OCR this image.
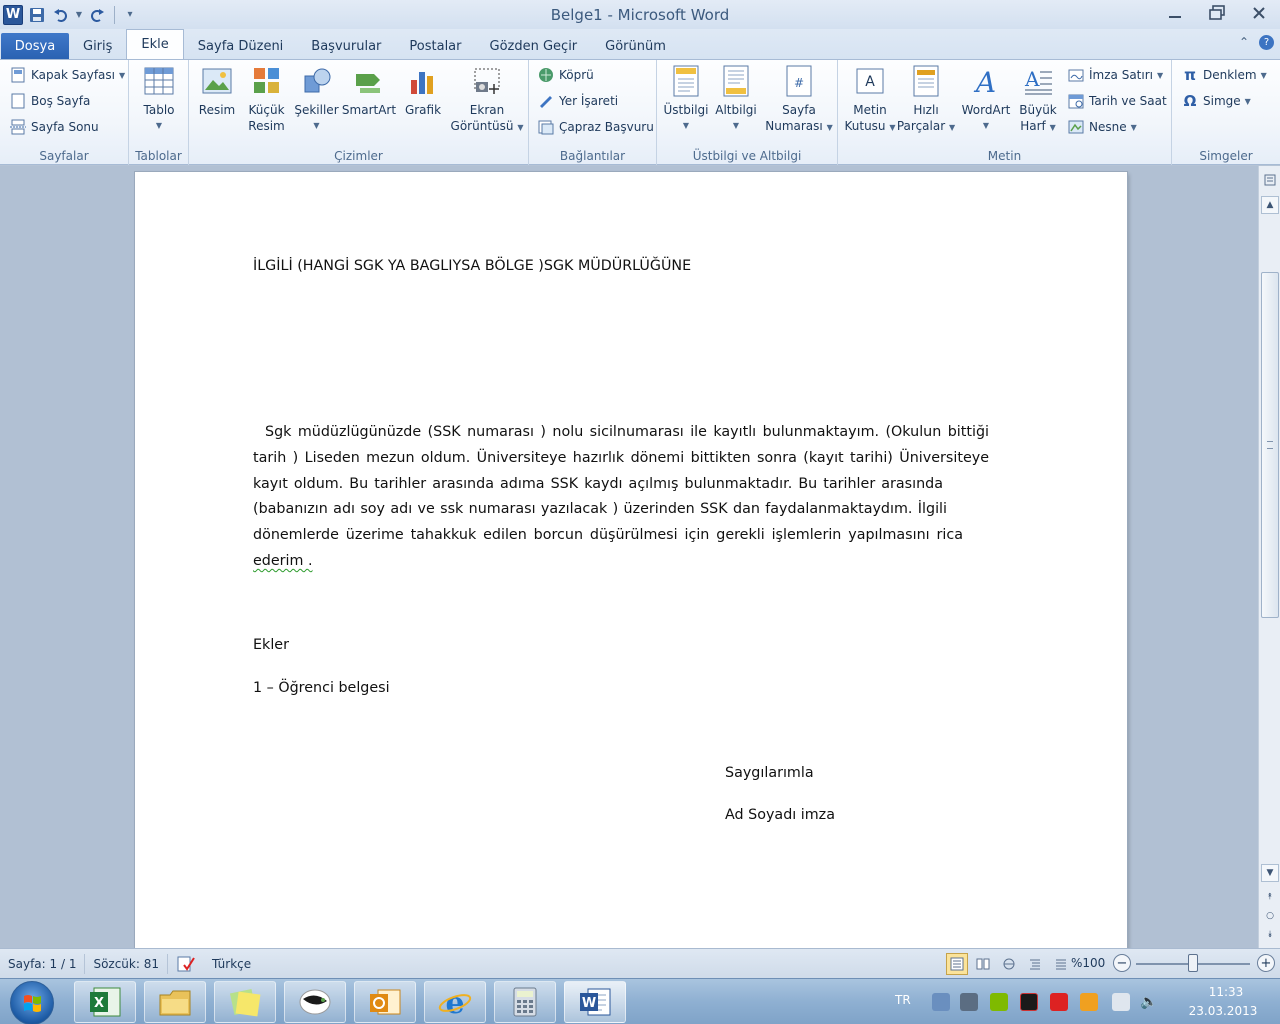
W	▼	▾	Belge1 - Microsoft Word
Dosya	Giriş	Ekle	Sayfa Düzeni	Başvurular	Postalar	Gözden Geçir	Görünüm	⌃	?
Kapak Sayfası ▼
Boş Sayfa
Sayfa Sonu
Sayfalar
Tablo
▼
Tablolar
Resim Küçük
Resim
Şekiller
▼
SmartArt Grafik Ekran
Görüntüsü ▼
Çizimler
Köprü
Yer İşareti
Çapraz Başvuru
Bağlantılar
Üstbilgi
▼
Altbilgi
▼
#
Sayfa
Numarası ▼
Üstbilgi ve Altbilgi
A
Metin
Kutusu ▼
Hızlı
Parçalar ▼
A
WordArt
▼
A
Büyük
Harf ▼
İmza Satırı ▼
Tarih ve Saat
Nesne ▼
Metin
π Denklem ▼
Ω Simge ▼
Simgeler
İLGİLİ (HANGİ SGK YA BAGLIYSA BÖLGE )SGK MÜDÜRLÜĞÜNE
Sgk müdüzlügünüzde (SSK numarası ) nolu sicilnumarası ile kayıtlı bulunmaktayım. (Okulun bittiği
tarih ) Liseden mezun oldum. Üniversiteye hazırlık dönemi bittikten sonra (kayıt tarihi) Üniversiteye
kayıt oldum. Bu tarihler arasında adıma SSK kaydı açılmış bulunmaktadır. Bu tarihler arasında
(babanızın adı soy adı ve ssk numarası yazılacak ) üzerinden SSK dan faydalanmaktaydım. İlgili
dönemlerde üzerime tahakkuk edilen borcun düşürülmesi için gerekli işlemlerin yapılmasını rica
ederim .
Ekler
1 – Öğrenci belgesi
Saygılarımla
Ad Soyadı imza
▲
▼
⯭
○
⯯
Sayfa: 1 / 1	Sözcük: 81	Türkçe	%100 −	+
X	e	W	TR	🔈
11:33
23.03.2013
